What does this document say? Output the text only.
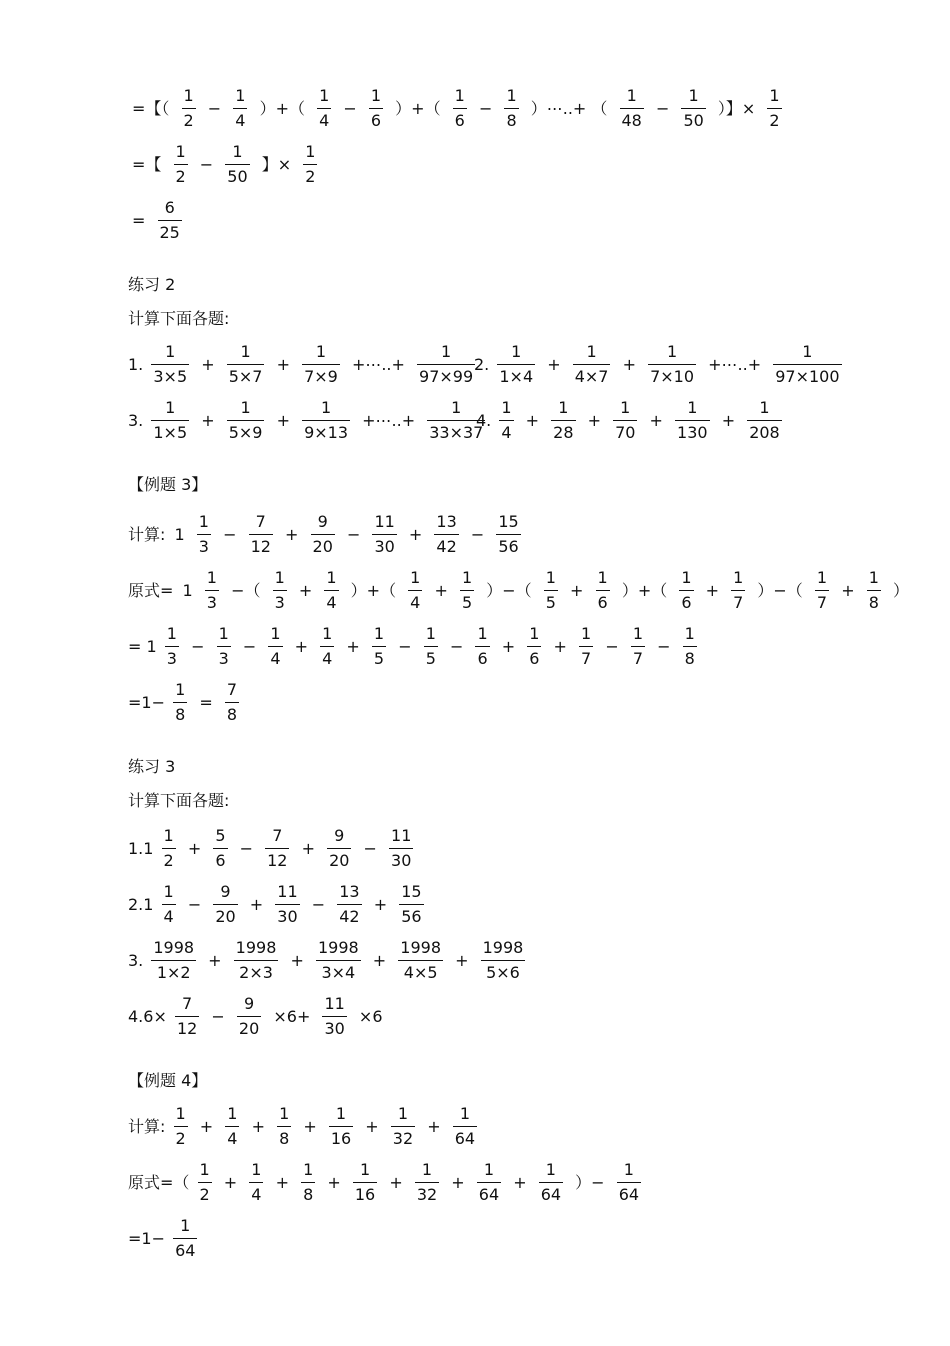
=【（ $\frac{1}{2} - \frac{1}{4}$ ）+（ $\frac{1}{4} - \frac{1}{6}$ ）+（ $\frac{1}{6} - \frac{1}{8}$ ）⋯..+ （ $\frac{1}{48} - \frac{1}{50}$ ）】× $\frac{1}{2}$
=【 $\frac{1}{2} - \frac{1}{50}$ 】× $\frac{1}{2}$
= $\frac{6}{25}$
练习 2
计算下面各题:
1. $\frac{1}{3\times 5} + \frac{1}{5\times 7} + \frac{1}{7\times 9}$ +⋯..+ $\frac{1}{97\times 99}$
2. $\frac{1}{1\times 4} + \frac{1}{4\times 7} + \frac{1}{7\times 10}$ +⋯..+ $\frac{1}{97\times 100}$
3. $\frac{1}{1\times 5} + \frac{1}{5\times 9} + \frac{1}{9\times 13}$ +⋯..+ $\frac{1}{33\times 37}$
4. $\frac{1}{4} + \frac{1}{28} + \frac{1}{70} + \frac{1}{130} + \frac{1}{208}$
【例题 3】
计算: $1 \frac{1}{3} - \frac{7}{12} + \frac{9}{20} - \frac{11}{30} + \frac{13}{42} - \frac{15}{56}$
原式= $1 \frac{1}{3}$ −（ $\frac{1}{3} + \frac{1}{4}$ ）+（ $\frac{1}{4} + \frac{1}{5}$ ）−（ $\frac{1}{5} + \frac{1}{6}$ ）+（ $\frac{1}{6} + \frac{1}{7}$ ）−（ $\frac{1}{7} + \frac{1}{8}$ ）
= $1 \frac{1}{3} - \frac{1}{3} - \frac{1}{4} + \frac{1}{4} + \frac{1}{5} - \frac{1}{5} - \frac{1}{6} + \frac{1}{6} + \frac{1}{7} - \frac{1}{7} - \frac{1}{8}$
$=1- \frac{1}{8} = \frac{7}{8}$
练习 3
计算下面各题:
$1.1 \frac{1}{2} + \frac{5}{6} - \frac{7}{12} + \frac{9}{20} - \frac{11}{30}$
$2.1 \frac{1}{4} - \frac{9}{20} + \frac{11}{30} - \frac{13}{42} + \frac{15}{56}$
3. $\frac{1998}{1\times 2} + \frac{1998}{2\times 3} + \frac{1998}{3\times 4} + \frac{1998}{4\times 5} + \frac{1998}{5\times 6}$
$4.6\times \frac{7}{12} - \frac{9}{20} \times 6+ \frac{11}{30} \times 6$
【例题 4】
计算: $\frac{1}{2} + \frac{1}{4} + \frac{1}{8} + \frac{1}{16} + \frac{1}{32} + \frac{1}{64}$
原式=（ $\frac{1}{2} + \frac{1}{4} + \frac{1}{8} + \frac{1}{16} + \frac{1}{32} + \frac{1}{64} + \frac{1}{64}$ ）− $\frac{1}{64}$
$=1- \frac{1}{64}$
